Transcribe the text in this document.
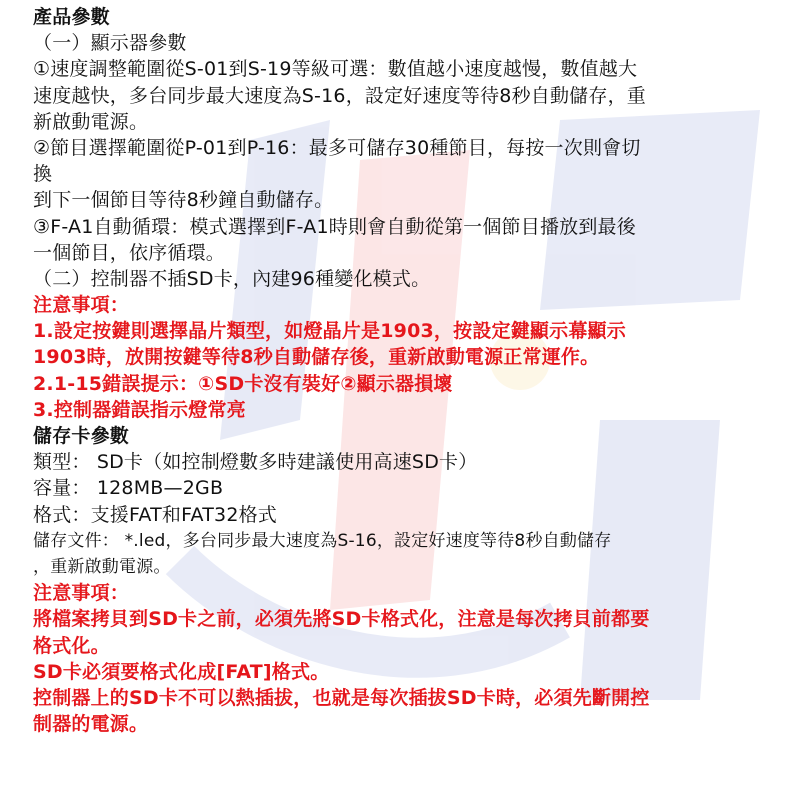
產品參數
（一）顯示器參數
①速度調整範圍從S-01到S-19等級可選：數值越小速度越慢，數值越大
速度越快，多台同步最大速度為S-16，設定好速度等待8秒自動儲存，重
新啟動電源。
②節目選擇範圍從P-01到P-16：最多可儲存30種節目，每按一次則會切
換
到下一個節目等待8秒鐘自動儲存。
③F-A1自動循環：模式選擇到F-A1時則會自動從第一個節目播放到最後
一個節目，依序循環。
（二）控制器不插SD卡，內建96種變化模式。
注意事項：
1.設定按鍵則選擇晶片類型，如燈晶片是1903，按設定鍵顯示幕顯示
1903時，放開按鍵等待8秒自動儲存後，重新啟動電源正常運作。
2.1-15錯誤提示：①SD卡沒有裝好②顯示器損壞
3.控制器錯誤指示燈常亮
儲存卡參數
類型： SD卡（如控制燈數多時建議使用高速SD卡）
容量： 128MB—2GB
格式：支援FAT和FAT32格式
儲存文件： *.led，多台同步最大速度為S-16，設定好速度等待8秒自動儲存
，重新啟動電源。
注意事項：
將檔案拷貝到SD卡之前，必須先將SD卡格式化，注意是每次拷貝前都要
格式化。
SD卡必須要格式化成[FAT]格式。
控制器上的SD卡不可以熱插拔，也就是每次插拔SD卡時，必須先斷開控
制器的電源。
